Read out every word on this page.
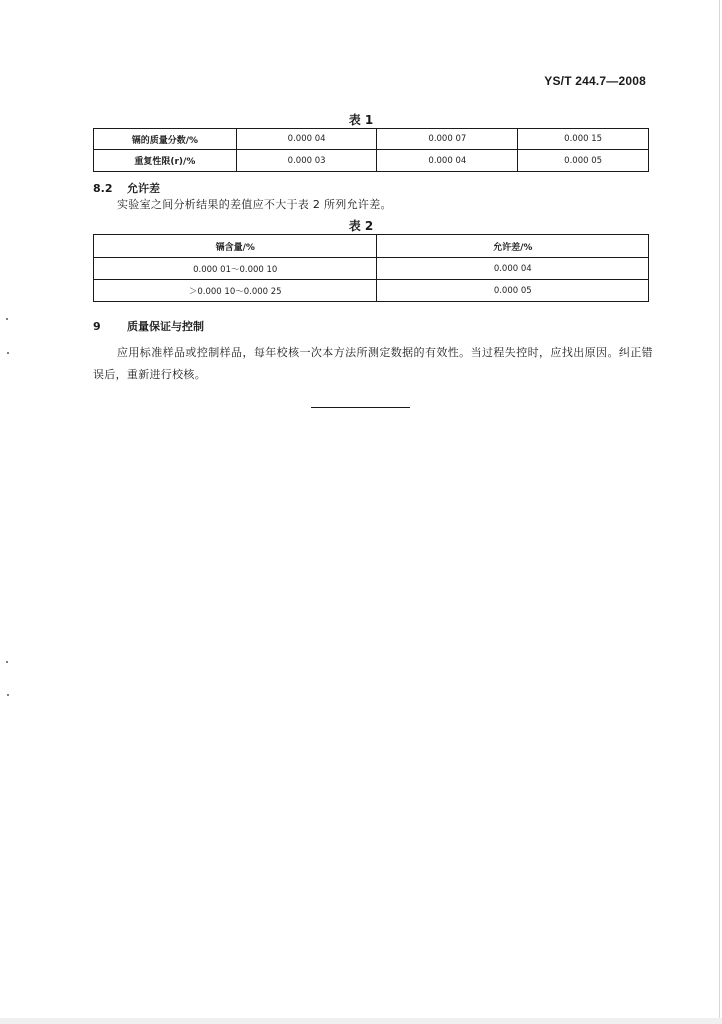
YS/T 244.7—2008
表 1
镉的质量分数/%	0.000 04	0.000 07	0.000 15
重复性限(r)/%	0.000 03	0.000 04	0.000 05
8.2 允许差
实验室之间分析结果的差值应不大于表 2 所列允许差。
表 2
镉含量/%	允许差/%
0.000 01～0.000 10	0.000 04
＞0.000 10～0.000 25	0.000 05
9 质量保证与控制
应用标准样品或控制样品，每年校核一次本方法所测定数据的有效性。当过程失控时，应找出原因。纠正错误后，重新进行校核。
